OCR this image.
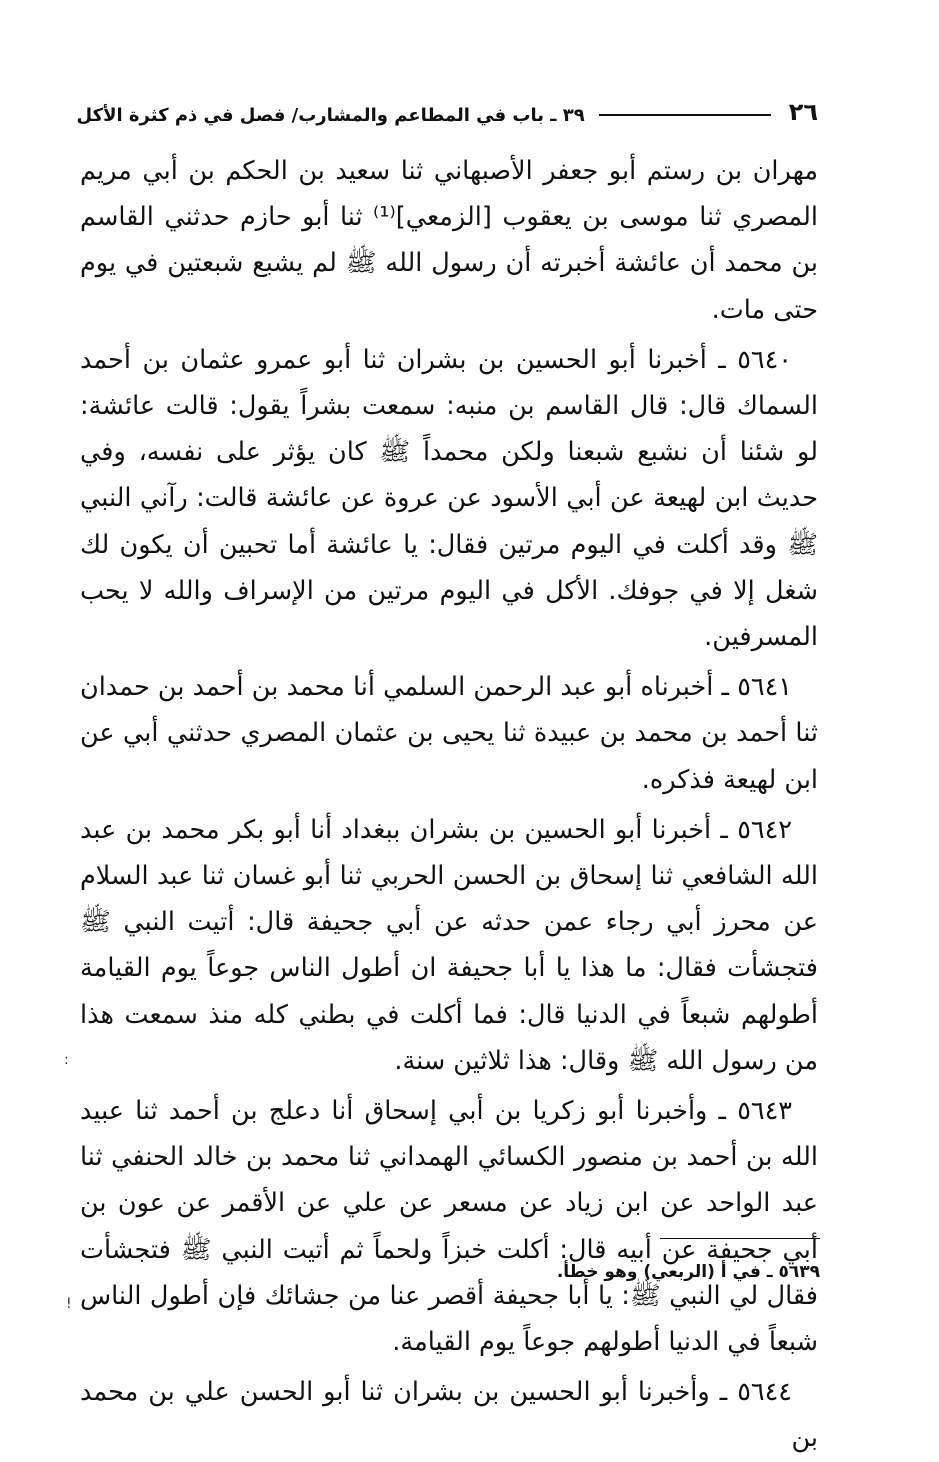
٢٦
٣٩ ـ باب في المطاعم والمشارب/ فصل في ذم كثرة الأكل

مهران بن رستم أبو جعفر الأصبهاني ثنا سعيد بن الحكم بن أبي مريم المصري ثنا موسى بن يعقوب [الزمعي]⁽¹⁾ ثنا أبو حازم حدثني القاسم بن محمد أن عائشة أخبرته أن رسول الله ﷺ لم يشبع شبعتين في يوم حتى مات.

٥٦٤٠ ـ أخبرنا أبو الحسين بن بشران ثنا أبو عمرو عثمان بن أحمد السماك قال: قال القاسم بن منبه: سمعت بشراً يقول: قالت عائشة: لو شئنا أن نشبع شبعنا ولكن محمداً ﷺ كان يؤثر على نفسه، وفي حديث ابن لهيعة عن أبي الأسود عن عروة عن عائشة قالت: رآني النبي ﷺ وقد أكلت في اليوم مرتين فقال: يا عائشة أما تحبين أن يكون لك شغل إلا في جوفك. الأكل في اليوم مرتين من الإسراف والله لا يحب المسرفين.

٥٦٤١ ـ أخبرناه أبو عبد الرحمن السلمي أنا محمد بن أحمد بن حمدان ثنا أحمد بن محمد بن عبيدة ثنا يحيى بن عثمان المصري حدثني أبي عن ابن لهيعة فذكره.

٥٦٤٢ ـ أخبرنا أبو الحسين بن بشران ببغداد أنا أبو بكر محمد بن عبد الله الشافعي ثنا إسحاق بن الحسن الحربي ثنا أبو غسان ثنا عبد السلام عن محرز أبي رجاء عمن حدثه عن أبي جحيفة قال: أتيت النبي ﷺ فتجشأت فقال: ما هذا يا أبا جحيفة ان أطول الناس جوعاً يوم القيامة أطولهم شبعاً في الدنيا قال: فما أكلت في بطني كله منذ سمعت هذا من رسول الله ﷺ وقال: هذا ثلاثين سنة.

٥٦٤٣ ـ وأخبرنا أبو زكريا بن أبي إسحاق أنا دعلج بن أحمد ثنا عبيد الله بن أحمد بن منصور الكسائي الهمداني ثنا محمد بن خالد الحنفي ثنا عبد الواحد عن ابن زياد عن مسعر عن علي عن الأقمر عن عون بن أبي جحيفة عن أبيه قال: أكلت خبزاً ولحماً ثم أتيت النبي ﷺ فتجشأت فقال لي النبي ﷺ: يا أبا جحيفة أقصر عنا من جشائك فإن أطول الناس شبعاً في الدنيا أطولهم جوعاً يوم القيامة.

٥٦٤٤ ـ وأخبرنا أبو الحسين بن بشران ثنا أبو الحسن علي بن محمد بن

٥٦٣٩ ـ في أ (الربعي) وهو خطأ.
:
!
